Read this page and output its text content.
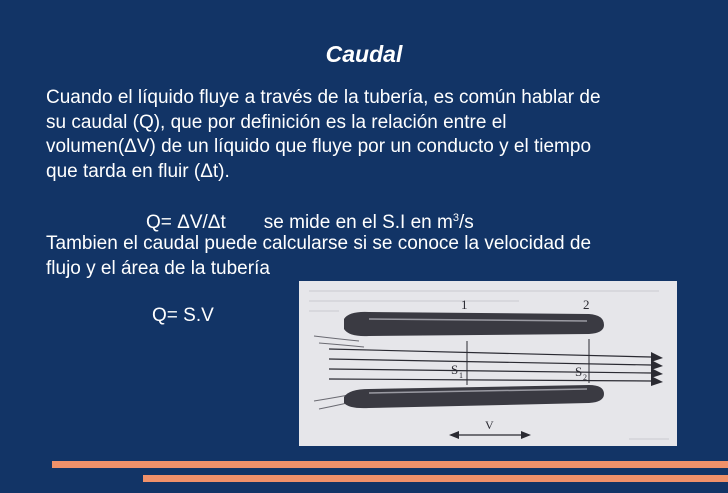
Caudal
Cuando el líquido fluye a través de la tubería, es común hablar de
su caudal (Q), que por definición es la relación entre el
volumen(ΔV) de un líquido que fluye por un conducto y el tiempo
que tarda en fluir (Δt).
Q= ΔV/Δt se mide en el S.I en $m^3/s$
Tambien el caudal puede calcularse si se conoce la velocidad de
flujo y el área de la tubería
Q= S.V
1	2
S 1	S 2
V
